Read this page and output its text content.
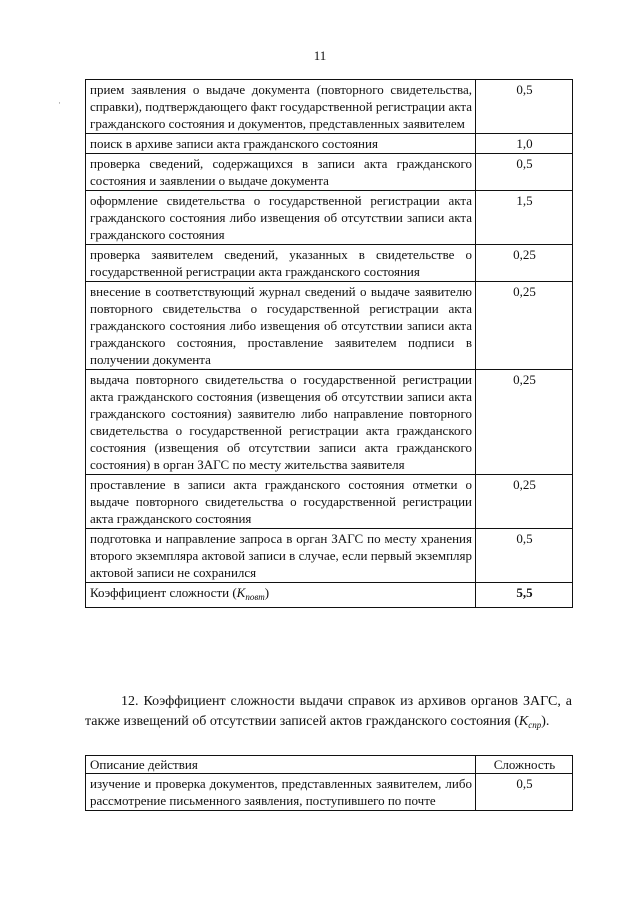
11
·
прием заявления о выдаче документа (повторного свидетельства, справки), подтверждающего факт государственной регистрации акта гражданского состояния и документов, представленных заявителем	0,5
поиск в архиве записи акта гражданского состояния	1,0
проверка сведений, содержащихся в записи акта гражданского состояния и заявлении о выдаче документа	0,5
оформление свидетельства о государственной регистрации акта гражданского состояния либо извещения об отсутствии записи акта гражданского состояния	1,5
проверка заявителем сведений, указанных в свидетельстве о государственной регистрации акта гражданского состояния	0,25
внесение в соответствующий журнал сведений о выдаче заявителю повторного свидетельства о государственной регистрации акта гражданского состояния либо извещения об отсутствии записи акта гражданского состояния, проставление заявителем подписи в получении документа	0,25
выдача повторного свидетельства о государственной регистрации акта гражданского состояния (извещения об отсутствии записи акта гражданского состояния) заявителю либо направление повторного свидетельства о государственной регистрации акта гражданского состояния (извещения об отсутствии записи акта гражданского состояния) в орган ЗАГС по месту жительства заявителя	0,25
проставление в записи акта гражданского состояния отметки о выдаче повторного свидетельства о государственной регистрации акта гражданского состояния	0,25
подготовка и направление запроса в орган ЗАГС по месту хранения второго экземпляра актовой записи в случае, если первый экземпляр актовой записи не сохранился	0,5
Коэффициент сложности $(K_{повт})$	5,5
12. Коэффициент сложности выдачи справок из архивов органов ЗАГС, а также извещений об отсутствии записей актов гражданского состояния $(K_{спр})$.
Описание действия	Сложность
изучение и проверка документов, представленных заявителем, либо рассмотрение письменного заявления, поступившего по почте	0,5
